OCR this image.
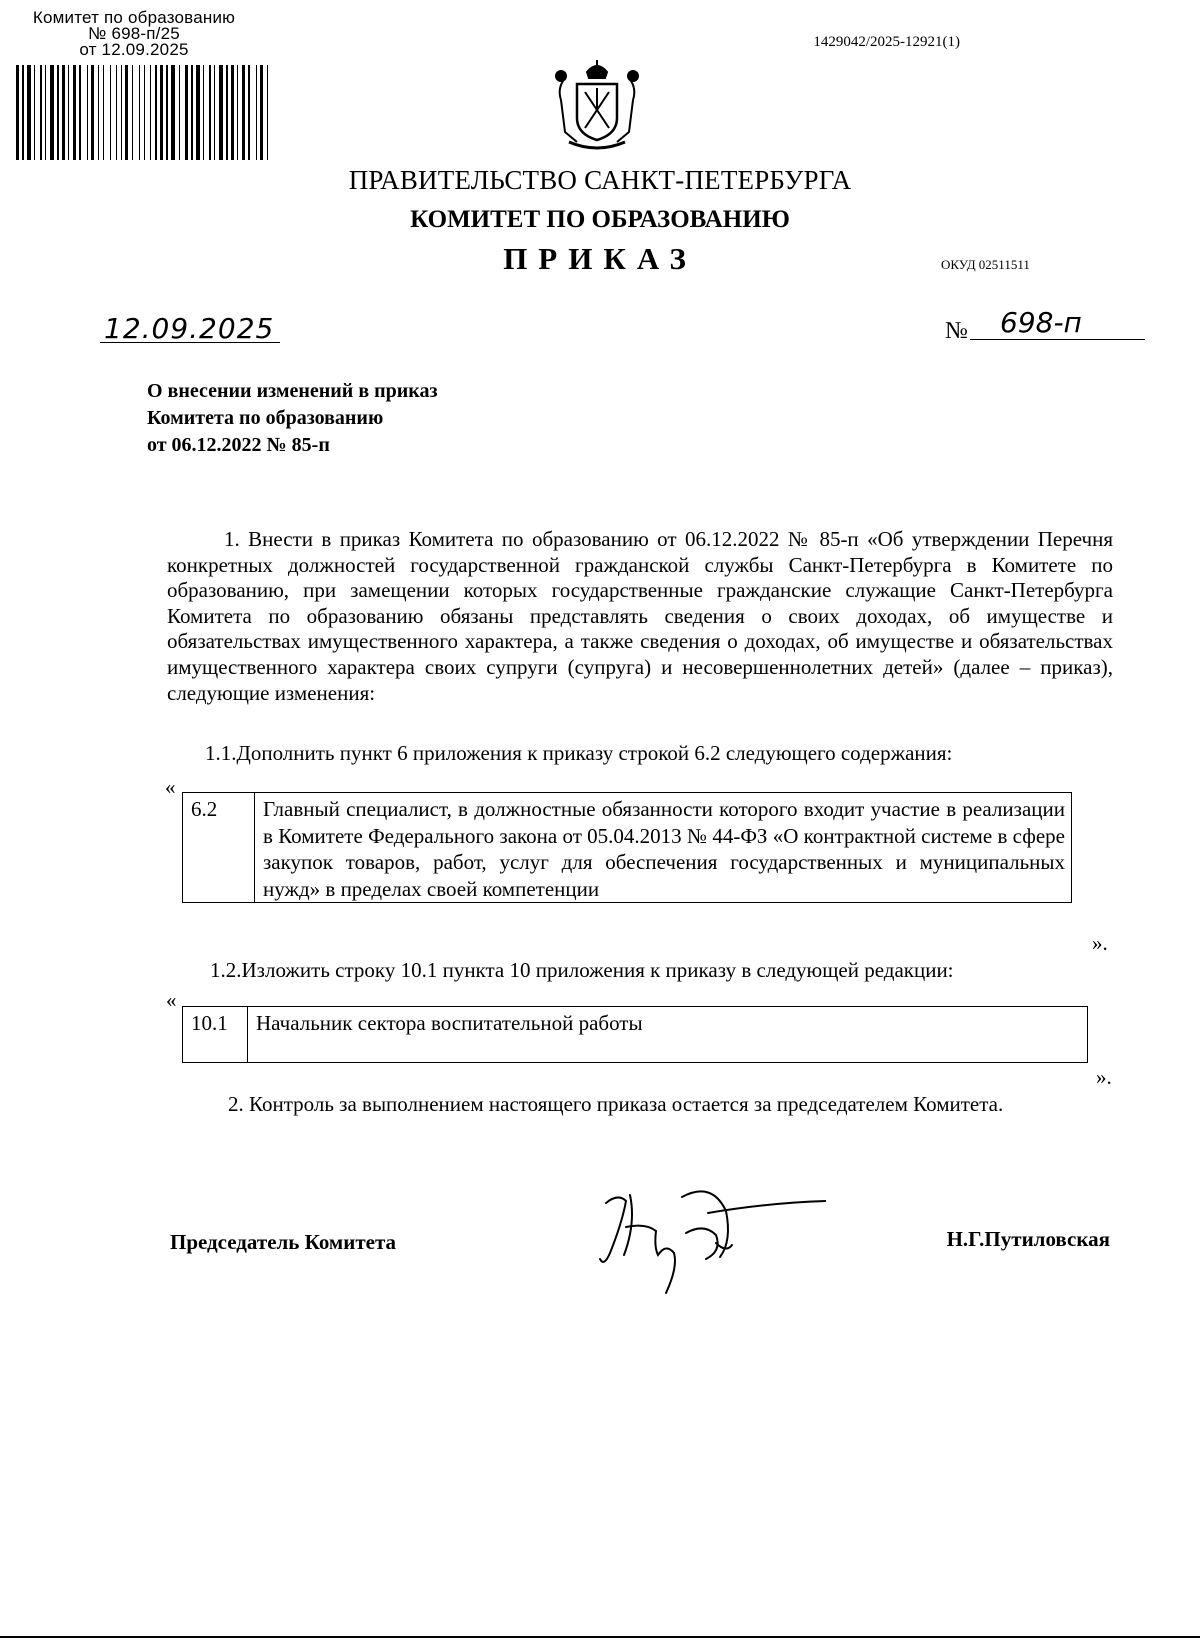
Комитет по образованию
№ 698-п/25
от 12.09.2025	1429042/2025-12921(1)
ПРАВИТЕЛЬСТВО САНКТ-ПЕТЕРБУРГА
КОМИТЕТ ПО ОБРАЗОВАНИЮ
ПРИКАЗ	ОКУД 02511511
12.09.2025	№ 698-п
О внесении изменений в приказ
Комитета по образованию
от 06.12.2022 № 85-п
1. Внести в приказ Комитета по образованию от 06.12.2022 № 85-п «Об утверждении Перечня конкретных должностей государственной гражданской службы Санкт-Петербурга в Комитете по образованию, при замещении которых государственные гражданские служащие Санкт-Петербурга Комитета по образованию обязаны представлять сведения о своих доходах, об имуществе и обязательствах имущественного характера, а также сведения о доходах, об имуществе и обязательствах имущественного характера своих супруги (супруга) и несовершеннолетних детей» (далее – приказ), следующие изменения:
1.1.Дополнить пункт 6 приложения к приказу строкой 6.2 следующего содержания:
«
6.2	Главный специалист, в должностные обязанности которого входит участие в реализации в Комитете Федерального закона от 05.04.2013 № 44-ФЗ «О контрактной системе в сфере закупок товаров, работ, услуг для обеспечения государственных и муниципальных нужд» в пределах своей компетенции
».
1.2.Изложить строку 10.1 пункта 10 приложения к приказу в следующей редакции:
«
10.1	Начальник сектора воспитательной работы
».
2. Контроль за выполнением настоящего приказа остается за председателем Комитета.
Председатель Комитета	Н.Г.Путиловская
